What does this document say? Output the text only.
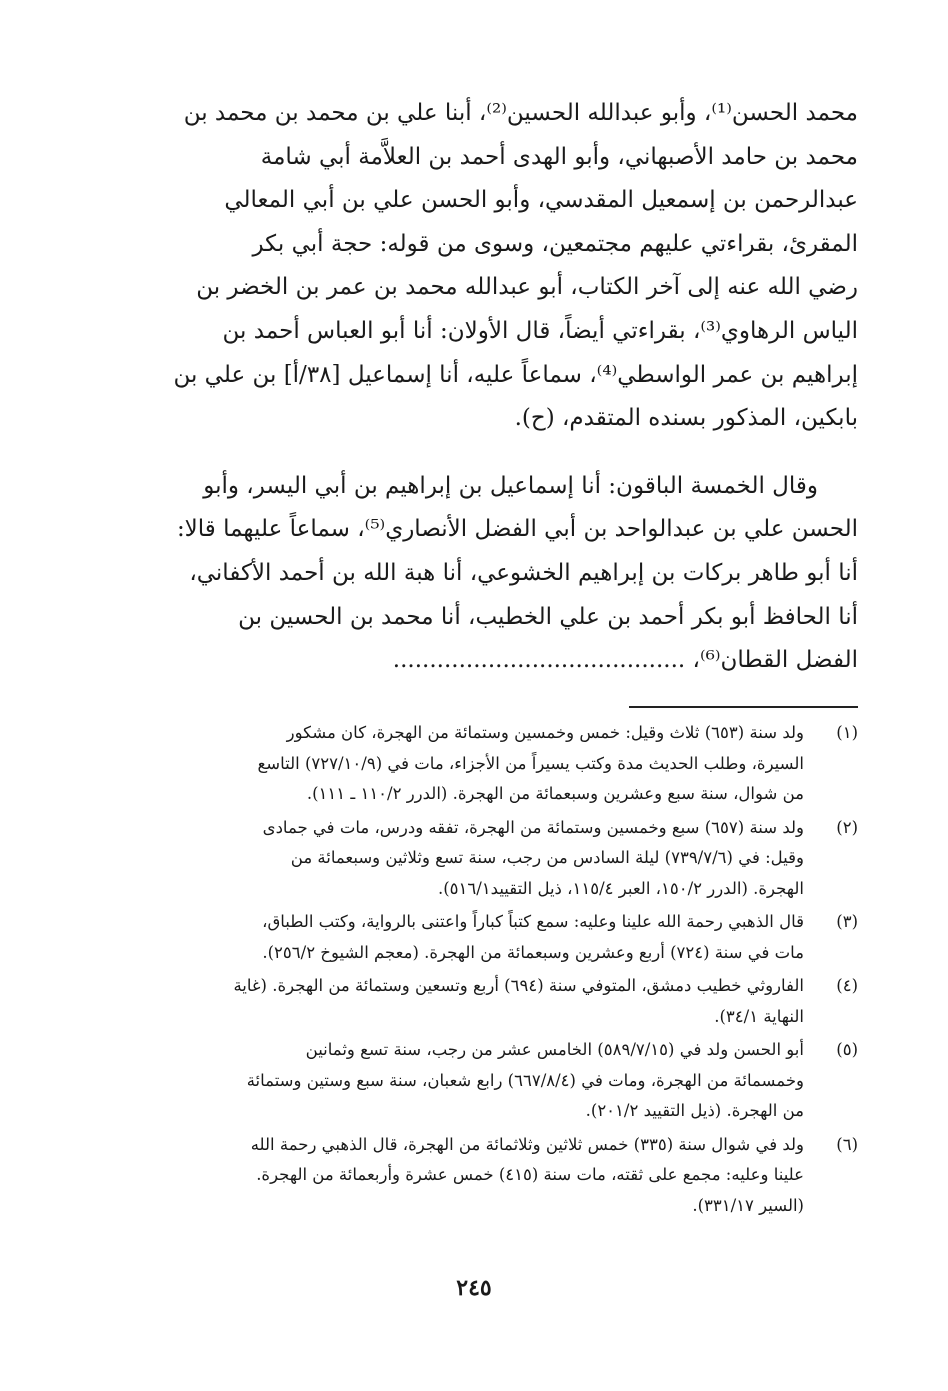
محمد الحسن⁽¹⁾، وأبو عبدالله الحسين⁽²⁾، أبنا علي بن محمد بن محمد بن
محمد بن حامد الأصبهاني، وأبو الهدى أحمد بن العلاَّمة أبي شامة
عبدالرحمن بن إسمعيل المقدسي، وأبو الحسن علي بن أبي المعالي
المقرئ، بقراءتي عليهم مجتمعين، وسوى من قوله: حجة أبي بكر
رضي الله عنه إلى آخر الكتاب، أبو عبدالله محمد بن عمر بن الخضر بن
الياس الرهاوي⁽³⁾، بقراءتي أيضاً، قال الأولان: أنا أبو العباس أحمد بن
إبراهيم بن عمر الواسطي⁽⁴⁾، سماعاً عليه، أنا إسماعيل [٣٨/أ] بن علي بن
بابكين، المذكور بسنده المتقدم، (ح).

وقال الخمسة الباقون: أنا إسماعيل بن إبراهيم بن أبي اليسر، وأبو
الحسن علي بن عبدالواحد بن أبي الفضل الأنصاري⁽⁵⁾، سماعاً عليهما قالا:
أنا أبو طاهر بركات بن إبراهيم الخشوعي، أنا هبة الله بن أحمد الأكفاني،
أنا الحافظ أبو بكر أحمد بن علي الخطيب، أنا محمد بن الحسين بن
الفضل القطان⁽⁶⁾، ........................................

(١)
ولد سنة (٦٥٣) ثلاث وقيل: خمس وخمسين وستمائة من الهجرة، كان مشكور
السيرة، وطلب الحديث مدة وكتب يسيراً من الأجزاء، مات في (٧٢٧/١٠/٩) التاسع
من شوال، سنة سبع وعشرين وسبعمائة من الهجرة. (الدرر ١١٠/٢ ـ ١١١).
(٢)
ولد سنة (٦٥٧) سبع وخمسين وستمائة من الهجرة، تفقه ودرس، مات في جمادى
وقيل: في (٧٣٩/٧/٦) ليلة السادس من رجب، سنة تسع وثلاثين وسبعمائة من
الهجرة. (الدرر ١٥٠/٢، العبر ١١٥/٤، ذيل التقييد٥١٦/١).
(٣)
قال الذهبي رحمة الله علينا وعليه: سمع كتباً كباراً واعتنى بالرواية، وكتب الطباق،
مات في سنة (٧٢٤) أربع وعشرين وسبعمائة من الهجرة. (معجم الشيوخ ٢٥٦/٢).
(٤)
الفاروثي خطيب دمشق، المتوفي سنة (٦٩٤) أربع وتسعين وستمائة من الهجرة. (غاية
النهاية ٣٤/١).
(٥)
أبو الحسن ولد في (٥٨٩/٧/١٥) الخامس عشر من رجب، سنة تسع وثمانين
وخمسمائة من الهجرة، ومات في (٦٦٧/٨/٤) رابع شعبان، سنة سبع وستين وستمائة
من الهجرة. (ذيل التقييد ٢٠١/٢).
(٦)
ولد في شوال سنة (٣٣٥) خمس ثلاثين وثلاثمائة من الهجرة، قال الذهبي رحمة الله
علينا وعليه: مجمع على ثقته، مات سنة (٤١٥) خمس عشرة وأربعمائة من الهجرة.
(السير ٣٣١/١٧).
٢٤٥
